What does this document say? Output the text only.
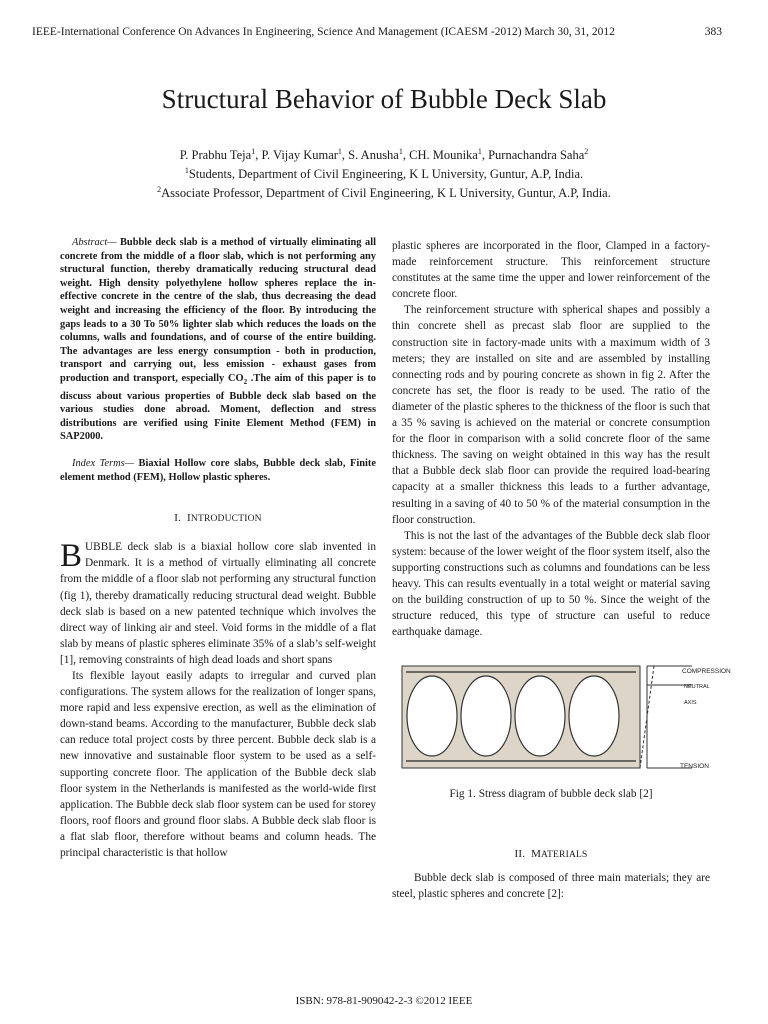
IEEE-International Conference On Advances In Engineering, Science And Management (ICAESM -2012) March 30, 31, 2012	383
Structural Behavior of Bubble Deck Slab
P. Prabhu Teja$^1$, P. Vijay Kumar$^1$, S. Anusha$^1$, CH. Mounika$^1$, Purnachandra Saha$^2$
$^1$Students, Department of Civil Engineering, K L University, Guntur, A.P, India.
$^2$Associate Professor, Department of Civil Engineering, K L University, Guntur, A.P, India.
Abstract— Bubble deck slab is a method of virtually eliminating all concrete from the middle of a floor slab, which is not performing any structural function, thereby dramatically reducing structural dead weight. High density polyethylene hollow spheres replace the in-effective concrete in the centre of the slab, thus decreasing the dead weight and increasing the efficiency of the floor. By introducing the gaps leads to a 30 To 50% lighter slab which reduces the loads on the columns, walls and foundations, and of course of the entire building. The advantages are less energy consumption - both in production, transport and carrying out, less emission - exhaust gases from production and transport, especially $CO_2$ .The aim of this paper is to discuss about various properties of Bubble deck slab based on the various studies done abroad. Moment, deflection and stress distributions are verified using Finite Element Method (FEM) in SAP2000.
Index Terms— Biaxial Hollow core slabs, Bubble deck slab, Finite element method (FEM), Hollow plastic spheres.
I. INTRODUCTION

BUBBLE deck slab is a biaxial hollow core slab invented in Denmark. It is a method of virtually eliminating all concrete from the middle of a floor slab not performing any structural function (fig 1), thereby dramatically reducing structural dead weight. Bubble deck slab is based on a new patented technique which involves the direct way of linking air and steel. Void forms in the middle of a flat slab by means of plastic spheres eliminate 35% of a slab’s self-weight [1], removing constraints of high dead loads and short spans

Its flexible layout easily adapts to irregular and curved plan configurations. The system allows for the realization of longer spans, more rapid and less expensive erection, as well as the elimination of down-stand beams. According to the manufacturer, Bubble deck slab can reduce total project costs by three percent. Bubble deck slab is a new innovative and sustainable floor system to be used as a self-supporting concrete floor. The application of the Bubble deck slab floor system in the Netherlands is manifested as the world-wide first application. The Bubble deck slab floor system can be used for storey floors, roof floors and ground floor slabs. A Bubble deck slab floor is a flat slab floor, therefore without beams and column heads. The principal characteristic is that hollow

plastic spheres are incorporated in the floor, Clamped in a factory-made reinforcement structure. This reinforcement structure constitutes at the same time the upper and lower reinforcement of the concrete floor.

The reinforcement structure with spherical shapes and possibly a thin concrete shell as precast slab floor are supplied to the construction site in factory-made units with a maximum width of 3 meters; they are installed on site and are assembled by installing connecting rods and by pouring concrete as shown in fig 2. After the concrete has set, the floor is ready to be used. The ratio of the diameter of the plastic spheres to the thickness of the floor is such that a 35 % saving is achieved on the material or concrete consumption for the floor in comparison with a solid concrete floor of the same thickness. The saving on weight obtained in this way has the result that a Bubble deck slab floor can provide the required load-bearing capacity at a smaller thickness this leads to a further advantage, resulting in a saving of 40 to 50 % of the material consumption in the floor construction.

This is not the last of the advantages of the Bubble deck slab floor system: because of the lower weight of the floor system itself, also the supporting constructions such as columns and foundations can be less heavy. This can results eventually in a total weight or material saving on the building construction of up to 50 %. Since the weight of the structure reduced, this type of structure can useful to reduce earthquake damage.

COMPRESSION
NEUTRAL AXIS
TENSION
Fig 1. Stress diagram of bubble deck slab [2]
II. MATERIALS

Bubble deck slab is composed of three main materials; they are steel, plastic spheres and concrete [2]:

ISBN: 978-81-909042-2-3 ©2012 IEEE
